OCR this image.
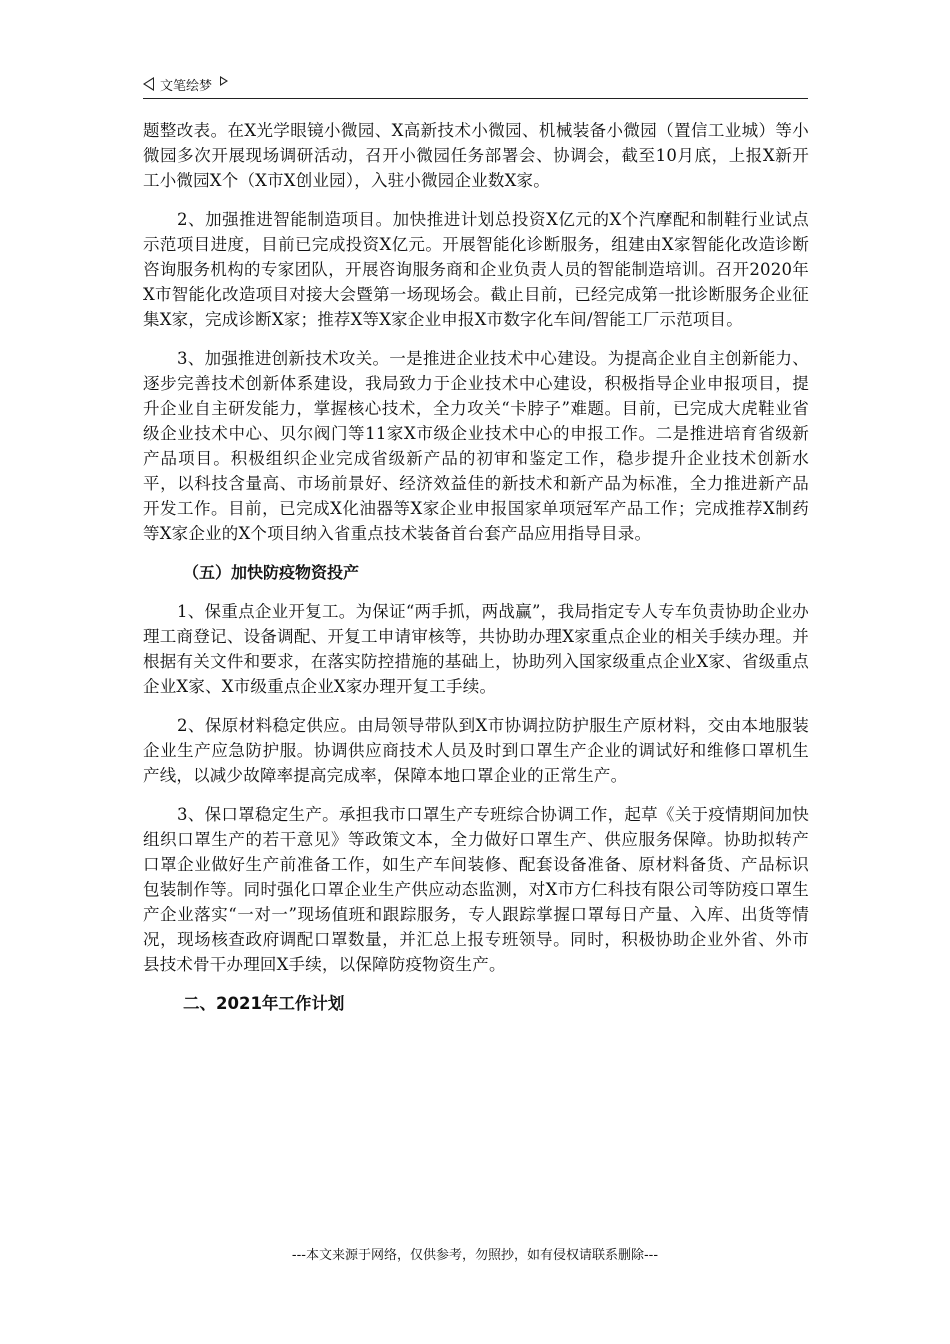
文笔绘梦

题整改表。在X光学眼镜小微园、X高新技术小微园、机械装备小微园（置信工业城）等小微园多次开展现场调研活动，召开小微园任务部署会、协调会，截至10月底，上报X新开工小微园X个（X市X创业园），入驻小微园企业数X家。

2、加强推进智能制造项目。加快推进计划总投资X亿元的X个汽摩配和制鞋行业试点示范项目进度，目前已完成投资X亿元。开展智能化诊断服务，组建由X家智能化改造诊断咨询服务机构的专家团队，开展咨询服务商和企业负责人员的智能制造培训。召开2020年X市智能化改造项目对接大会暨第一场现场会。截止目前，已经完成第一批诊断服务企业征集X家，完成诊断X家；推荐X等X家企业申报X市数字化车间/智能工厂示范项目。

3、加强推进创新技术攻关。一是推进企业技术中心建设。为提高企业自主创新能力、逐步完善技术创新体系建设，我局致力于企业技术中心建设，积极指导企业申报项目，提升企业自主研发能力，掌握核心技术，全力攻关“卡脖子”难题。目前，已完成大虎鞋业省级企业技术中心、贝尔阀门等11家X市级企业技术中心的申报工作。二是推进培育省级新产品项目。积极组织企业完成省级新产品的初审和鉴定工作，稳步提升企业技术创新水平，以科技含量高、市场前景好、经济效益佳的新技术和新产品为标准，全力推进新产品开发工作。目前，已完成X化油器等X家企业申报国家单项冠军产品工作；完成推荐X制药等X家企业的X个项目纳入省重点技术装备首台套产品应用指导目录。

（五）加快防疫物资投产

1、保重点企业开复工。为保证“两手抓，两战赢”，我局指定专人专车负责协助企业办理工商登记、设备调配、开复工申请审核等，共协助办理X家重点企业的相关手续办理。并根据有关文件和要求，在落实防控措施的基础上，协助列入国家级重点企业X家、省级重点企业X家、X市级重点企业X家办理开复工手续。

2、保原材料稳定供应。由局领导带队到X市协调拉防护服生产原材料，交由本地服装企业生产应急防护服。协调供应商技术人员及时到口罩生产企业的调试好和维修口罩机生产线，以减少故障率提高完成率，保障本地口罩企业的正常生产。

3、保口罩稳定生产。承担我市口罩生产专班综合协调工作，起草《关于疫情期间加快组织口罩生产的若干意见》等政策文本，全力做好口罩生产、供应服务保障。协助拟转产口罩企业做好生产前准备工作，如生产车间装修、配套设备准备、原材料备货、产品标识包装制作等。同时强化口罩企业生产供应动态监测，对X市方仁科技有限公司等防疫口罩生产企业落实“一对一”现场值班和跟踪服务，专人跟踪掌握口罩每日产量、入库、出货等情况，现场核查政府调配口罩数量，并汇总上报专班领导。同时，积极协助企业外省、外市县技术骨干办理回X手续，以保障防疫物资生产。

二、2021年工作计划

---本文来源于网络，仅供参考，勿照抄，如有侵权请联系删除---
